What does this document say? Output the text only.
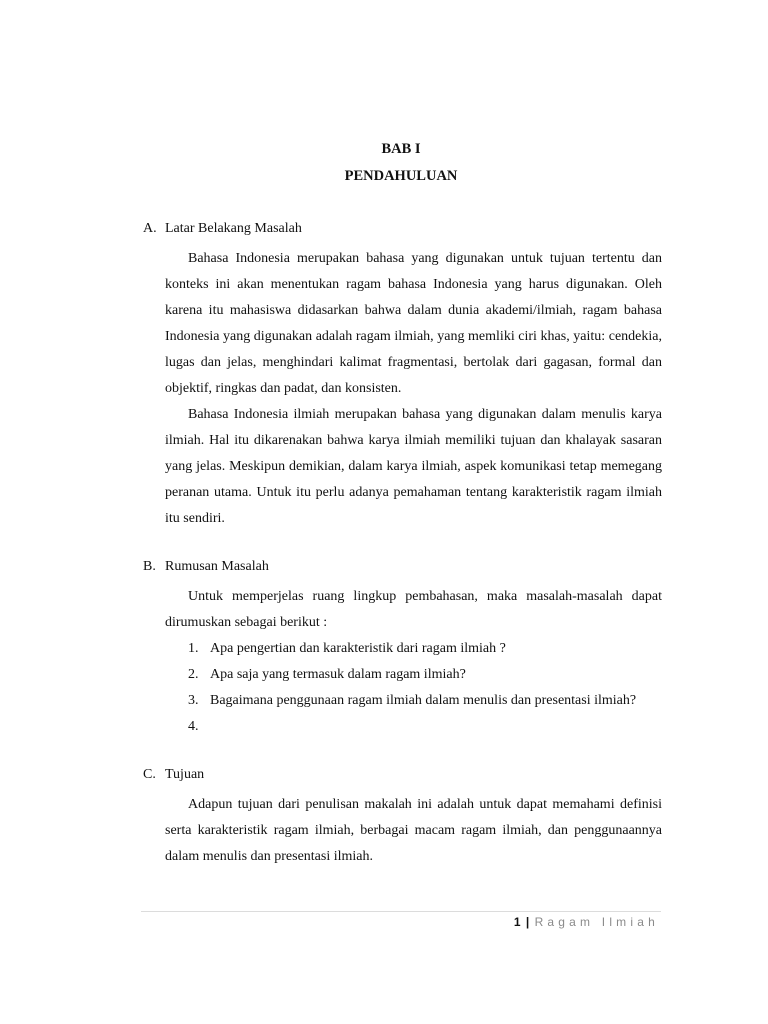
BAB I
PENDAHULUAN
A. Latar Belakang Masalah

Bahasa Indonesia merupakan bahasa yang digunakan untuk tujuan tertentu dan konteks ini akan menentukan ragam bahasa Indonesia yang harus digunakan. Oleh karena itu mahasiswa didasarkan bahwa dalam dunia akademi/ilmiah, ragam bahasa Indonesia yang digunakan adalah ragam ilmiah, yang memliki ciri khas, yaitu: cendekia, lugas dan jelas, menghindari kalimat fragmentasi, bertolak dari gagasan, formal dan objektif, ringkas dan padat, dan konsisten.

Bahasa Indonesia ilmiah merupakan bahasa yang digunakan dalam menulis karya ilmiah. Hal itu dikarenakan bahwa karya ilmiah memiliki tujuan dan khalayak sasaran yang jelas. Meskipun demikian, dalam karya ilmiah, aspek komunikasi tetap memegang peranan utama. Untuk itu perlu adanya pemahaman tentang karakteristik ragam ilmiah itu sendiri.

B. Rumusan Masalah

Untuk memperjelas ruang lingkup pembahasan, maka masalah-masalah dapat dirumuskan sebagai berikut :

1. Apa pengertian dan karakteristik dari ragam ilmiah ?
2. Apa saja yang termasuk dalam ragam ilmiah?
3. Bagaimana penggunaan ragam ilmiah dalam menulis dan presentasi ilmiah?
4.
C. Tujuan

Adapun tujuan dari penulisan makalah ini adalah untuk dapat memahami definisi serta karakteristik ragam ilmiah, berbagai macam ragam ilmiah, dan penggunaannya dalam menulis dan presentasi ilmiah.

1 | Ragam Ilmiah
